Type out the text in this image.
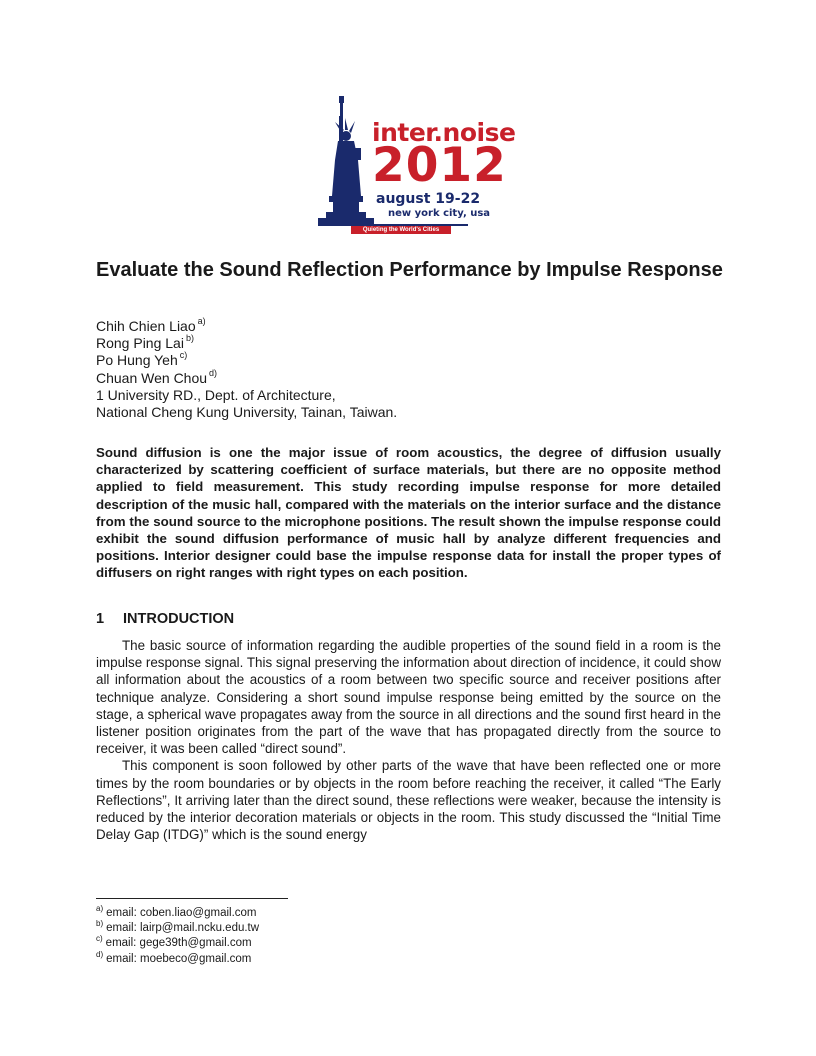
inter.noise
2012
august 19-22
new york city, usa
Quieting the World's Cities
Evaluate the Sound Reflection Performance by Impulse Response
Chih Chien Liao $^{a)}$
Rong Ping Lai $^{b)}$
Po Hung Yeh $^{c)}$
Chuan Wen Chou $^{d)}$
1 University RD., Dept. of Architecture,
National Cheng Kung University, Tainan, Taiwan.
Sound diffusion is one the major issue of room acoustics, the degree of diffusion usually characterized by scattering coefficient of surface materials, but there are no opposite method applied to field measurement. This study recording impulse response for more detailed description of the music hall, compared with the materials on the interior surface and the distance from the sound source to the microphone positions. The result shown the impulse response could exhibit the sound diffusion performance of music hall by analyze different frequencies and positions. Interior designer could base the impulse response data for install the proper types of diffusers on right ranges with right types on each position.
1 INTRODUCTION

The basic source of information regarding the audible properties of the sound field in a room is the impulse response signal. This signal preserving the information about direction of incidence, it could show all information about the acoustics of a room between two specific source and receiver positions after technique analyze. Considering a short sound impulse response being emitted by the source on the stage, a spherical wave propagates away from the source in all directions and the sound first heard in the listener position originates from the part of the wave that has propagated directly from the source to receiver, it was been called “direct sound”.

This component is soon followed by other parts of the wave that have been reflected one or more times by the room boundaries or by objects in the room before reaching the receiver, it called “The Early Reflections”, It arriving later than the direct sound, these reflections were weaker, because the intensity is reduced by the interior decoration materials or objects in the room. This study discussed the “Initial Time Delay Gap (ITDG)” which is the sound energy

$^{a)}$ email: coben.liao@gmail.com
$^{b)}$ email: lairp@mail.ncku.edu.tw
$^{c)}$ email: gege39th@gmail.com
$^{d)}$ email: moebeco@gmail.com
